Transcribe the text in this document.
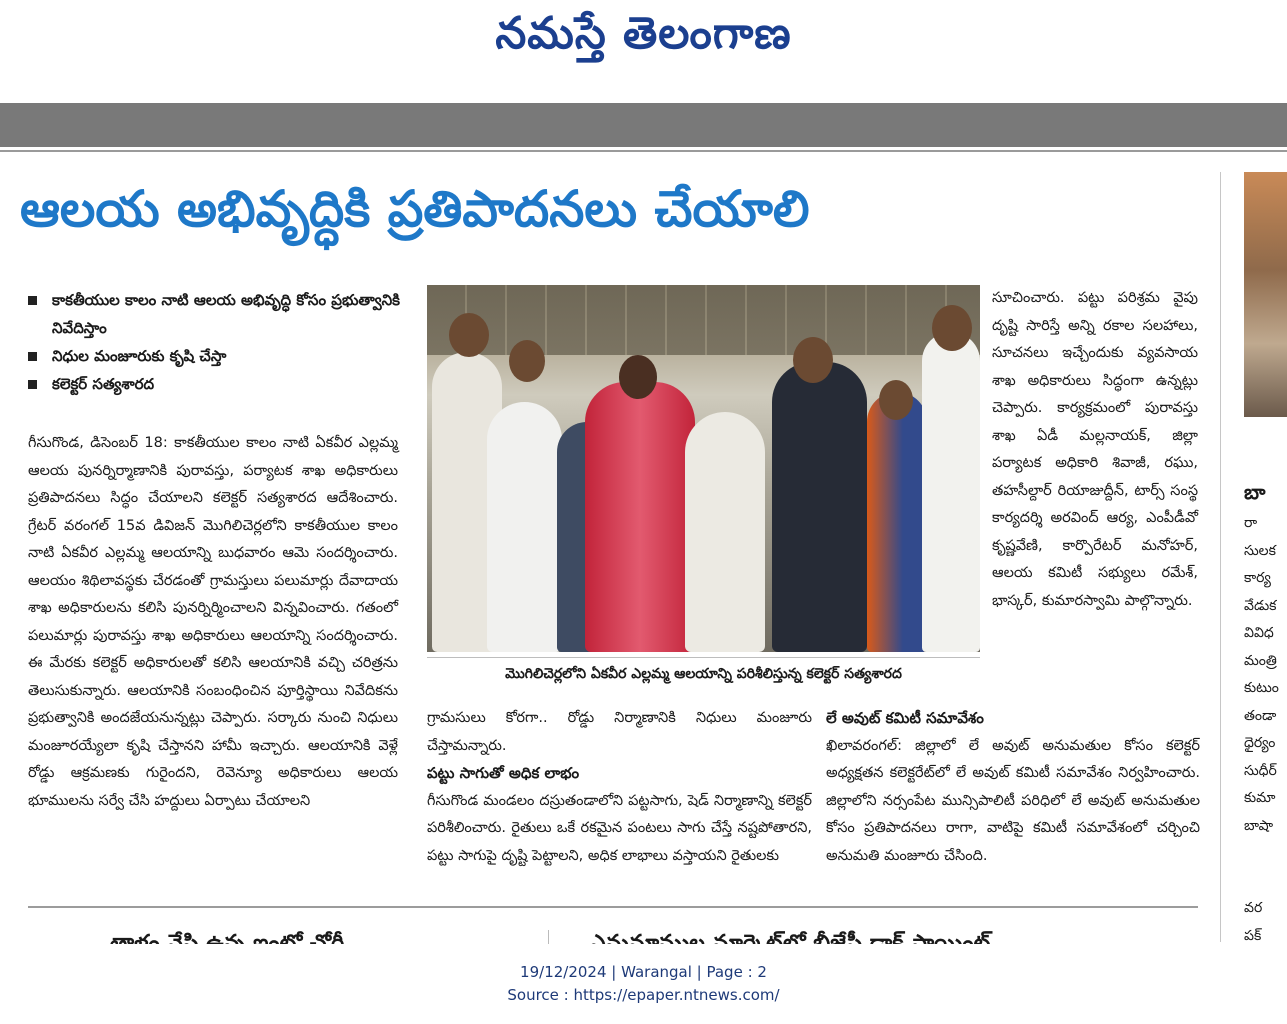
నమస్తే తెలంగాణ
ఆలయ అభివృద్ధికి ప్రతిపాదనలు చేయాలి
కాకతీయుల కాలం నాటి ఆలయ అభివృద్ధి కోసం ప్రభుత్వానికి నివేదిస్తాం
నిధుల మంజూరుకు కృషి చేస్తా
కలెక్టర్ సత్యశారద

గీసుగొండ, డిసెంబర్ 18: కాకతీయుల కాలం నాటి ఏకవీర ఎల్లమ్మ ఆలయ పునర్నిర్మాణానికి పురావస్తు, పర్యాటక శాఖ అధికారులు ప్రతిపాదనలు సిద్ధం చేయాలని కలెక్టర్ సత్యశారద ఆదేశించారు. గ్రేటర్ వరంగల్ 15వ డివిజన్ మొగిలిచెర్లలోని కాకతీయుల కాలం నాటి ఏకవీర ఎల్లమ్మ ఆలయాన్ని బుధవారం ఆమె సందర్శించారు. ఆలయం శిథిలావస్థకు చేరడంతో గ్రామస్తులు పలుమార్లు దేవాదాయ శాఖ అధికారులను కలిసి పునర్నిర్మించాలని విన్నవించారు. గతంలో పలుమార్లు పురావస్తు శాఖ అధికారులు ఆలయాన్ని సందర్శించారు. ఈ మేరకు కలెక్టర్ అధికారులతో కలిసి ఆలయానికి వచ్చి చరిత్రను తెలుసుకున్నారు. ఆలయానికి సంబంధించిన పూర్తిస్థాయి నివేదికను ప్రభుత్వానికి అందజేయనున్నట్లు చెప్పారు. సర్కారు నుంచి నిధులు మంజూరయ్యేలా కృషి చేస్తానని హామీ ఇచ్చారు. ఆలయానికి వెళ్లే రోడ్డు ఆక్రమణకు గురైందని, రెవెన్యూ అధికారులు ఆలయ భూములను సర్వే చేసి హద్దులు ఏర్పాటు చేయాలని

మొగిలిచెర్లలోని ఏకవీర ఎల్లమ్మ ఆలయాన్ని పరిశీలిస్తున్న కలెక్టర్ సత్యశారద

గ్రామసులు కోరగా.. రోడ్డు నిర్మాణానికి నిధులు మంజూరు చేస్తామన్నారు.

పట్టు సాగుతో అధిక లాభం

గీసుగొండ మండలం దస్రుతండాలోని పట్టసాగు, షెడ్ నిర్మాణాన్ని కలెక్టర్ పరిశీలించారు. రైతులు ఒకే రకమైన పంటలు సాగు చేస్తే నష్టపోతారని, పట్టు సాగుపై దృష్టి పెట్టాలని, అధిక లాభాలు వస్తాయని రైతులకు

సూచించారు. పట్టు పరిశ్రమ వైపు దృష్టి సారిస్తే అన్ని రకాల సలహాలు, సూచనలు ఇచ్చేందుకు వ్యవసాయ శాఖ అధికారులు సిద్ధంగా ఉన్నట్లు చెప్పారు. కార్యక్రమంలో పురావస్తు శాఖ ఏడీ మల్లనాయక్, జిల్లా పర్యాటక అధికారి శివాజీ, రఘు, తహసీల్దార్ రియాజుద్దీన్, టార్స్ సంస్థ కార్యదర్శి అరవింద్ ఆర్య, ఎంపీడీవో కృష్ణవేణి, కార్పొరేటర్ మనోహర్, ఆలయ కమిటీ సభ్యులు రమేశ్, భాస్కర్, కుమారస్వామి పాల్గొన్నారు.

లే అవుట్ కమిటీ సమావేశం

ఖిలావరంగల్: జిల్లాలో లే అవుట్ అనుమతుల కోసం కలెక్టర్ అధ్యక్షతన కలెక్టరేట్‌లో లే అవుట్ కమిటీ సమావేశం నిర్వహించారు. జిల్లాలోని నర్సంపేట మున్సిపాలిటీ పరిధిలో లే అవుట్ అనుమతుల కోసం ప్రతిపాదనలు రాగా, వాటిపై కమిటీ సమావేశంలో చర్చించి అనుమతి మంజూరు చేసింది.

బా
రా
సులక
కార్య
వేడుక
వివిధ
మంత్రి
కుటుం
తండా
ధైర్యం
సుధీర్
కుమా
బాషా

వర
పక్
19/12/2024 | Warangal | Page : 2
Source : https://epaper.ntnews.com/
